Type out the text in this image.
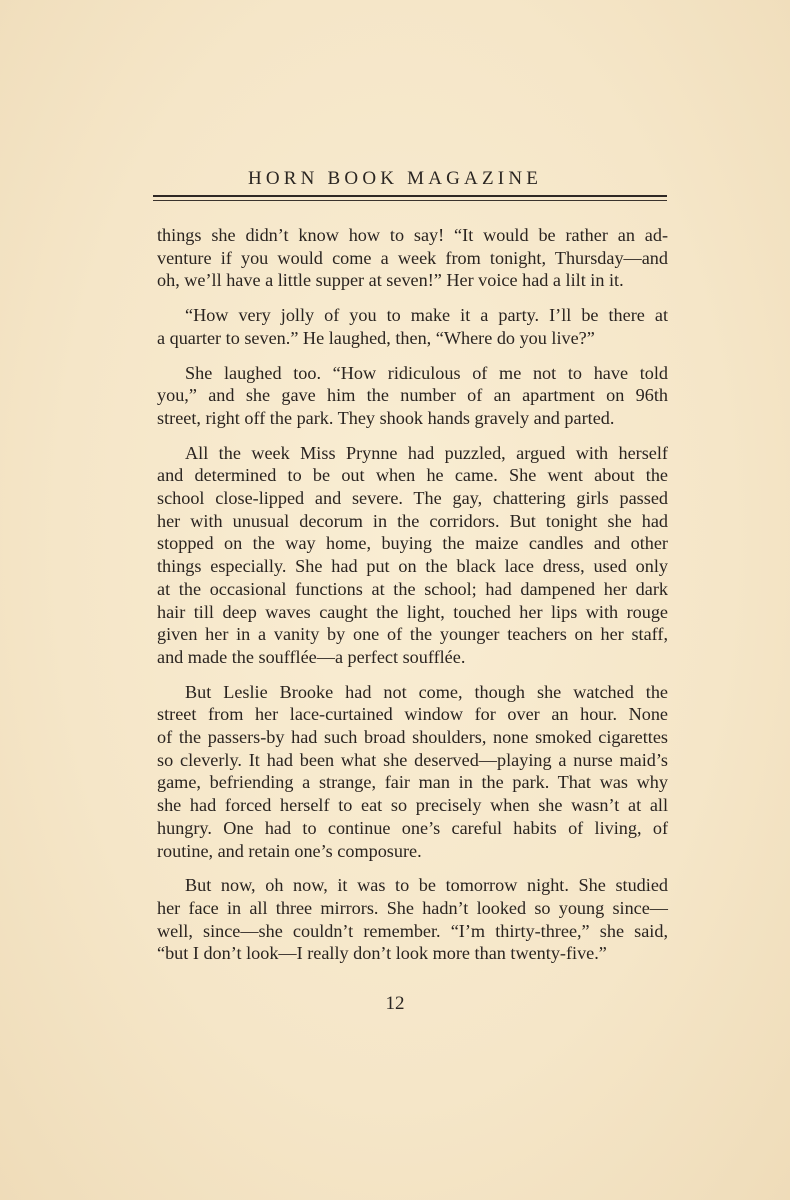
HORN BOOK MAGAZINE

things she didn’t know how to say! “It would be rather an ad-
venture if you would come a week from tonight, Thursday—and
oh, we’ll have a little supper at seven!” Her voice had a lilt in it.

“How very jolly of you to make it a party. I’ll be there at
a quarter to seven.” He laughed, then, “Where do you live?”

She laughed too. “How ridiculous of me not to have told
you,” and she gave him the number of an apartment on 96th
street, right off the park. They shook hands gravely and parted.

All the week Miss Prynne had puzzled, argued with herself
and determined to be out when he came. She went about the
school close-lipped and severe. The gay, chattering girls passed
her with unusual decorum in the corridors. But tonight she had
stopped on the way home, buying the maize candles and other
things especially. She had put on the black lace dress, used only
at the occasional functions at the school; had dampened her dark
hair till deep waves caught the light, touched her lips with rouge
given her in a vanity by one of the younger teachers on her staff,
and made the soufflée—a perfect soufflée.

But Leslie Brooke had not come, though she watched the
street from her lace-curtained window for over an hour. None
of the passers-by had such broad shoulders, none smoked cigarettes
so cleverly. It had been what she deserved—playing a nurse maid’s
game, befriending a strange, fair man in the park. That was why
she had forced herself to eat so precisely when she wasn’t at all
hungry. One had to continue one’s careful habits of living, of
routine, and retain one’s composure.

But now, oh now, it was to be tomorrow night. She studied
her face in all three mirrors. She hadn’t looked so young since—
well, since—she couldn’t remember. “I’m thirty-three,” she said,
“but I don’t look—I really don’t look more than twenty-five.”

12
